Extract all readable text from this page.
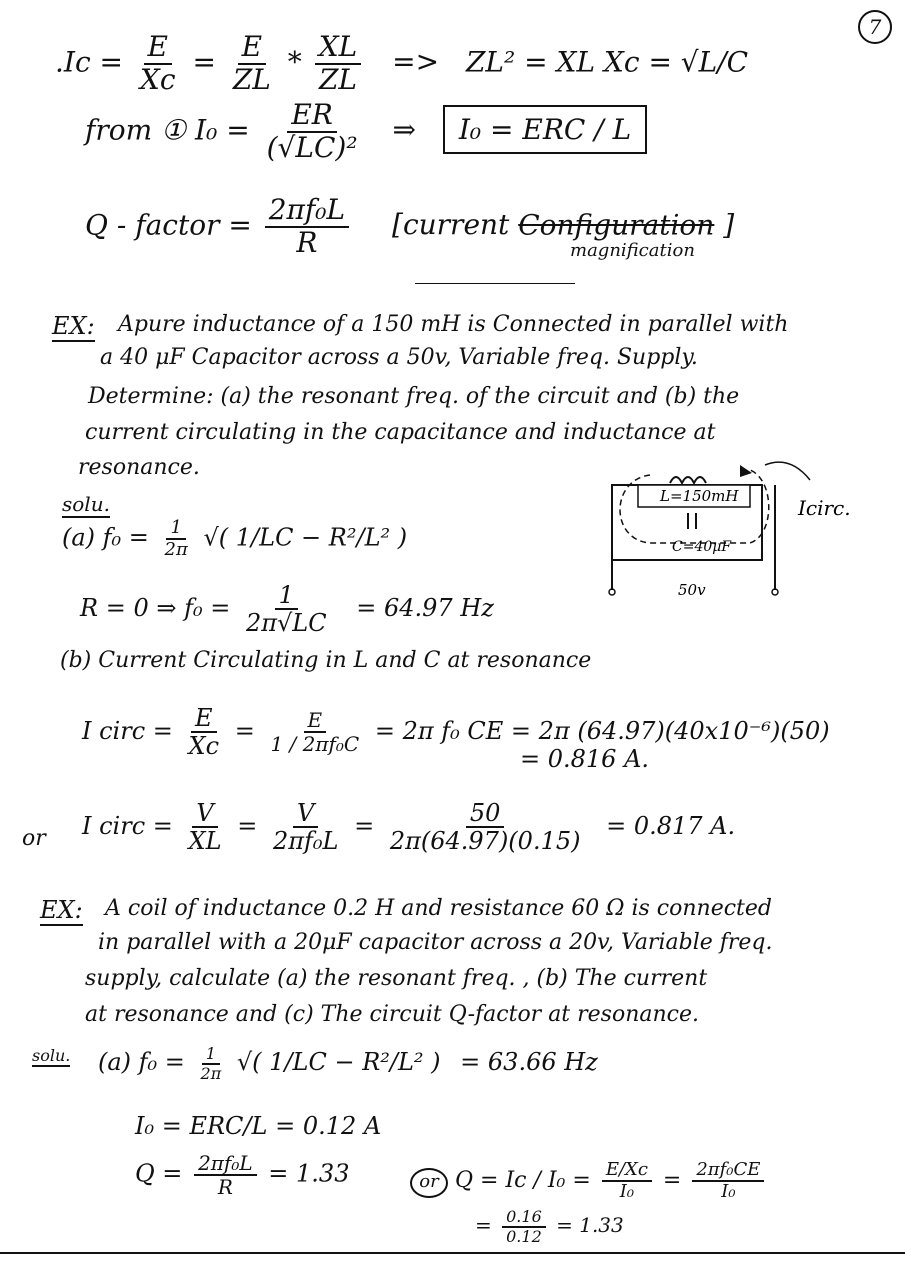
7
$.Ic = \frac{E}{Xc} = \frac{E}{ZL} * \frac{XL}{ZL} => ZL^2$ = XL Xc = √L/C
from ① $I_0 = \frac{ER}{\text{(√LC)²}}$ ⇒ I₀ = ERC / L
Q - factor = $\frac{\text{2πf₀L}}{R}$ [current Configuration ]
magnification
EX: Apure inductance of a 150 mH is Connected in parallel with
a 40 μF Capacitor across a 50v, Variable freq. Supply.
Determine: (a) the resonant freq. of the circuit and (b) the
current circulating in the capacitance and inductance at
resonance.
solu.
(a) $f_0 = \frac{1}{2\pi}$ √( 1/LC − R²/L² )
R = 0 ⇒ $f_0 = \frac{1}{2\pi√LC} = 64.97$ Hz
(b) Current Circulating in L and C at resonance
I circ = $\frac{E}{Xc} = \frac{E}{\text{1 / 2πf₀C}} = 2\pi$ f₀ CE = 2π (64.97)(40x10⁻⁶)(50)
= 0.816 A.
or I circ = $\frac{V}{XL} = \frac{V}{\text{2πf₀L}} = \frac{50}{2\pi(64.97)(0.15)} = 0.817$ A.
L=150mH
C=40μF
50v
Icirc.
EX: A coil of inductance 0.2 H and resistance 60 Ω is connected
in parallel with a 20μF capacitor across a 20v, Variable freq.
supply, calculate (a) the resonant freq. , (b) The current
at resonance and (c) The circuit Q-factor at resonance.
solu. (a) $f_0 = \frac{1}{2\pi}$ √( 1/LC − R²/L² ) = 63.66 Hz
I₀ = ERC/L = 0.12 A
$Q = \frac{\text{2πf₀L}}{R} = 1.33$	or $Q = Ic / I_0 = \frac{E/Xc}{\text{I₀}} = \frac{\text{2πf₀CE}}{\text{I₀}}$
= $\frac{0.16}{0.12} = 1.33$
